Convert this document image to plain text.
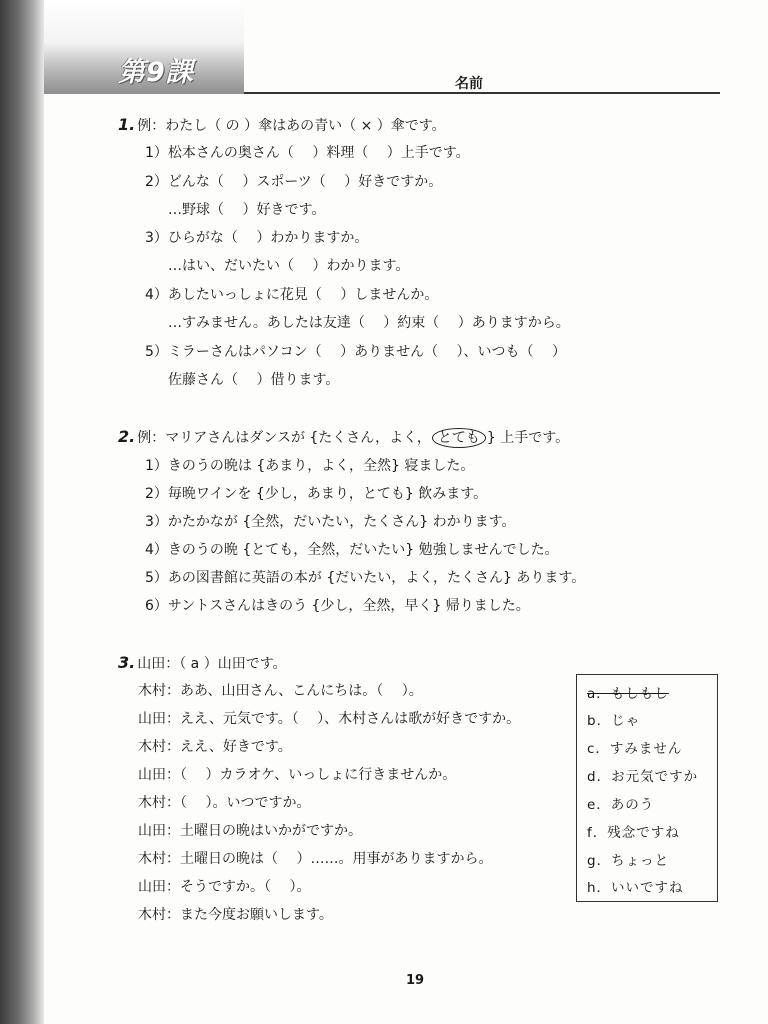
第9課	名前
1. 例：わたし（ の ）傘はあの青い（ × ）傘です。
1）松本さんの奥さん（　 ）料理（　 ）上手です。
2）どんな（　 ）スポーツ（　 ）好きですか。
…野球（　 ）好きです。
3）ひらがな（　 ）わかりますか。
…はい、だいたい（　 ）わかります。
4）あしたいっしょに花見（　 ）しませんか。
…すみません。あしたは友達（　 ）約束（　 ）ありますから。
5）ミラーさんはパソコン（　 ）ありません（　 ）、いつも（　 ）
佐藤さん（　 ）借ります。
2. 例：マリアさんはダンスが {たくさん，よく， とても } 上手です。
1）きのうの晩は {あまり，よく，全然} 寝ました。
2）毎晩ワインを {少し，あまり，とても} 飲みます。
3）かたかなが {全然，だいたい，たくさん} わかります。
4）きのうの晩 {とても，全然，だいたい} 勉強しませんでした。
5）あの図書館に英語の本が {だいたい，よく，たくさん} あります。
6）サントスさんはきのう {少し，全然，早く} 帰りました。
3. 山田：（ a ）山田です。
木村：ああ、山田さん、こんにちは。（　 ）。
山田：ええ、元気です。（　 ）、木村さんは歌が好きですか。
木村：ええ、好きです。
山田：（　 ）カラオケ、いっしょに行きませんか。
木村：（　 ）。いつですか。
山田：土曜日の晩はいかがですか。
木村：土曜日の晩は（　 ）……。用事がありますから。
山田：そうですか。（　 ）。
木村：また今度お願いします。
a．もしもし
b．じゃ
c．すみません
d．お元気ですか
e．あのう
f．残念ですね
g．ちょっと
h．いいですね
19
